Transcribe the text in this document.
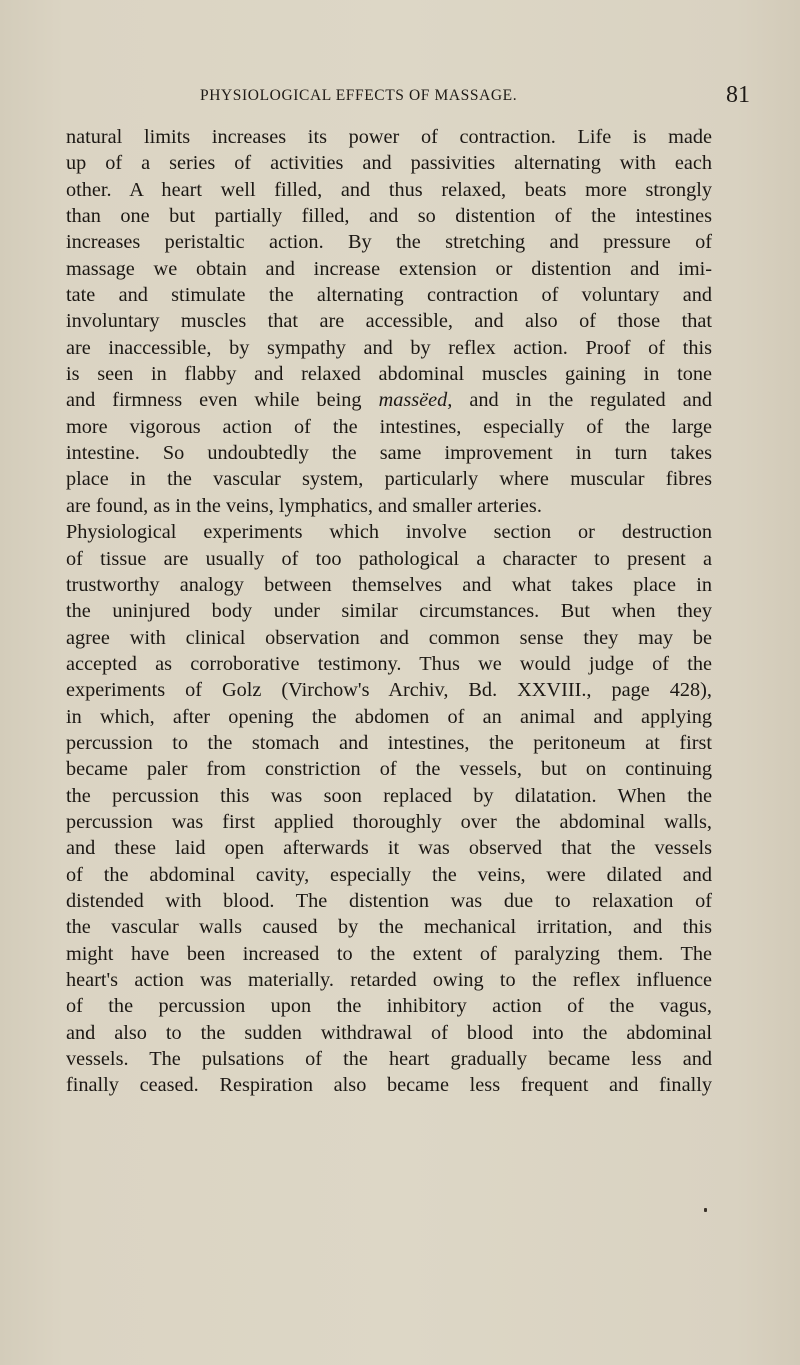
PHYSIOLOGICAL EFFECTS OF MASSAGE.	81
natural limits increases its power of contraction. Life is made
up of a series of activities and passivities alternating with each
other. A heart well filled, and thus relaxed, beats more strongly
than one but partially filled, and so distention of the intestines
increases peristaltic action. By the stretching and pressure of
massage we obtain and increase extension or distention and imi-
tate and stimulate the alternating contraction of voluntary and
involuntary muscles that are accessible, and also of those that
are inaccessible, by sympathy and by reflex action. Proof of this
is seen in flabby and relaxed abdominal muscles gaining in tone
and firmness even while being massëed, and in the regulated and
more vigorous action of the intestines, especially of the large
intestine. So undoubtedly the same improvement in turn takes
place in the vascular system, particularly where muscular fibres
are found, as in the veins, lymphatics, and smaller arteries.
Physiological experiments which involve section or destruction
of tissue are usually of too pathological a character to present a
trustworthy analogy between themselves and what takes place in
the uninjured body under similar circumstances. But when they
agree with clinical observation and common sense they may be
accepted as corroborative testimony. Thus we would judge of the
experiments of Golz (Virchow's Archiv, Bd. XXVIII., page 428),
in which, after opening the abdomen of an animal and applying
percussion to the stomach and intestines, the peritoneum at first
became paler from constriction of the vessels, but on continuing
the percussion this was soon replaced by dilatation. When the
percussion was first applied thoroughly over the abdominal walls,
and these laid open afterwards it was observed that the vessels
of the abdominal cavity, especially the veins, were dilated and
distended with blood. The distention was due to relaxation of
the vascular walls caused by the mechanical irritation, and this
might have been increased to the extent of paralyzing them. The
heart's action was materially. retarded owing to the reflex influence
of the percussion upon the inhibitory action of the vagus,
and also to the sudden withdrawal of blood into the abdominal
vessels. The pulsations of the heart gradually became less and
finally ceased. Respiration also became less frequent and finally
